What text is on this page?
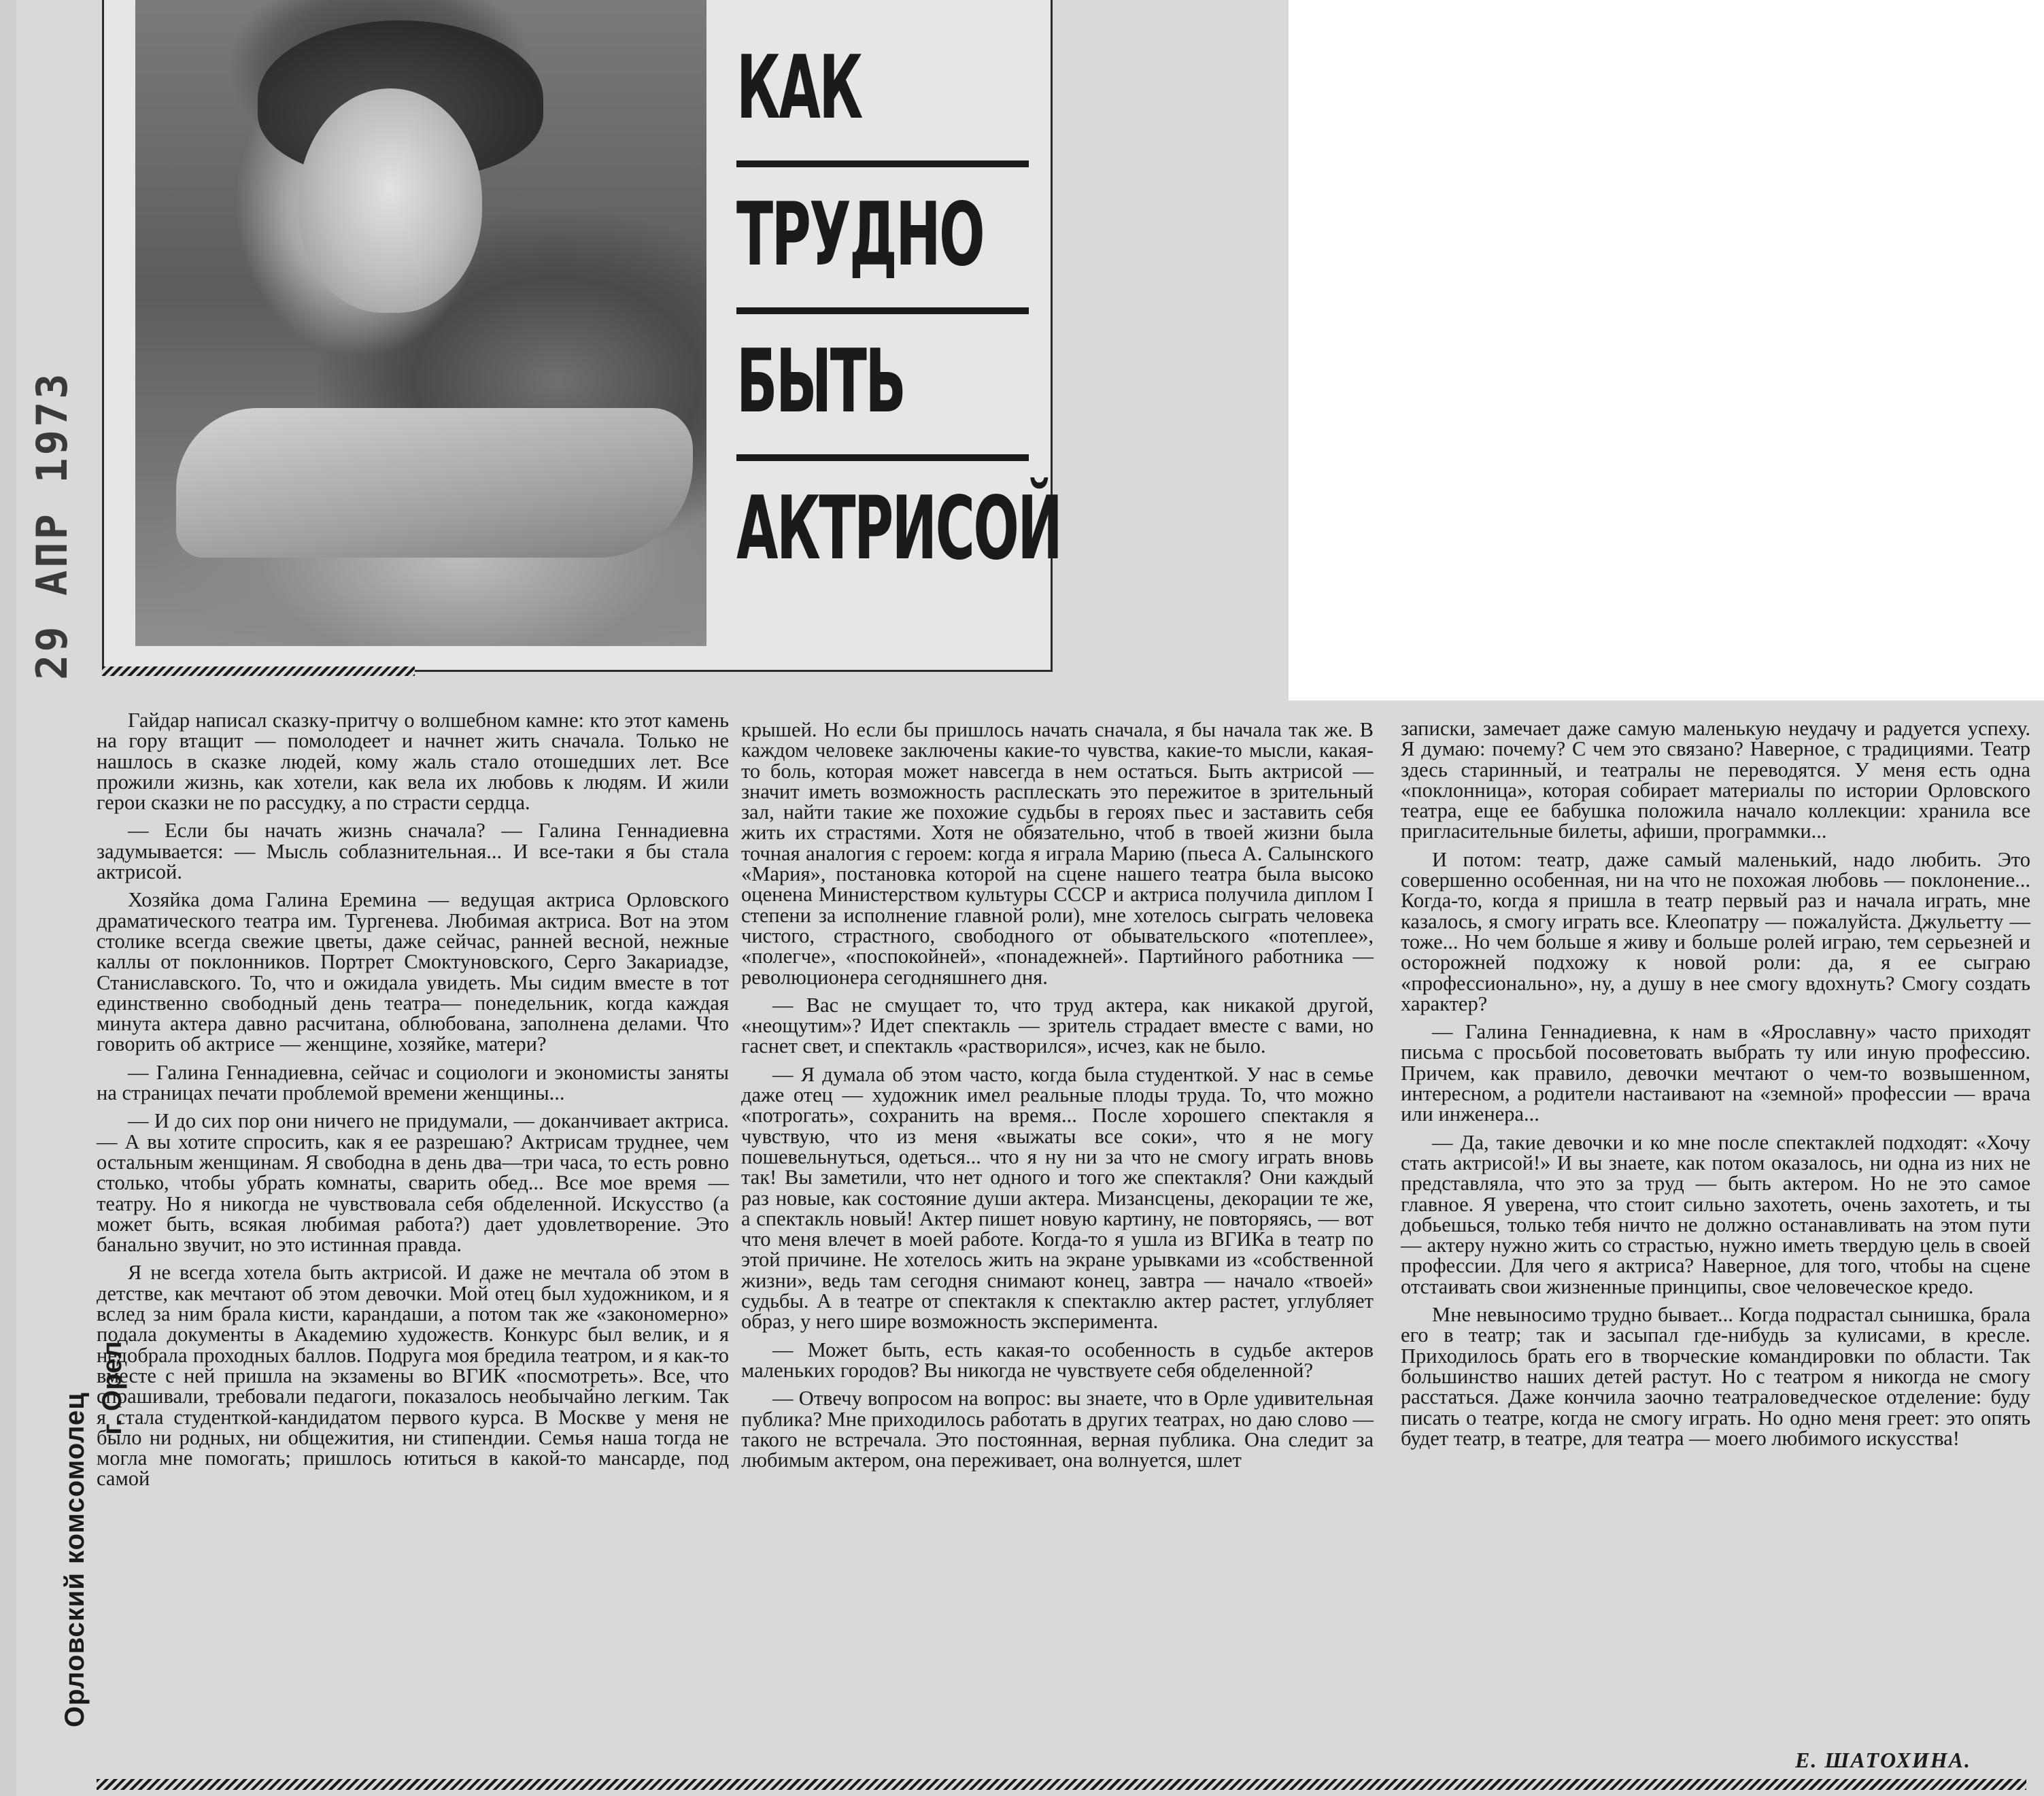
КАК
ТРУДНО
БЫТЬ
АКТРИСОЙ
29 АПР 1973
Орловский комсомолец
г. Орел

Гайдар написал сказку-притчу о волшебном камне: кто этот камень на гору втащит — помолодеет и начнет жить сначала. Только не нашлось в сказке людей, кому жаль стало отошедших лет. Все прожили жизнь, как хотели, как вела их любовь к людям. И жили герои сказки не по рассудку, а по страсти сердца.

— Если бы начать жизнь сначала? — Галина Геннадиевна задумывается: — Мысль соблазнительная... И все-таки я бы стала актрисой.

Хозяйка дома Галина Еремина — ведущая актриса Орловского драматического театра им. Тургенева. Любимая актриса. Вот на этом столике всегда свежие цветы, даже сейчас, ранней весной, нежные каллы от поклонников. Портрет Смоктуновского, Серго Закариадзе, Станиславского. То, что и ожидала увидеть. Мы сидим вместе в тот единственно свободный день театра— понедельник, когда каждая минута актера давно расчитана, облюбована, заполнена делами. Что говорить об актрисе — женщине, хозяйке, матери?

— Галина Геннадиевна, сейчас и социологи и экономисты заняты на страницах печати проблемой времени женщины...

— И до сих пор они ничего не придумали, — доканчивает актриса. — А вы хотите спросить, как я ее разрешаю? Актрисам труднее, чем остальным женщинам. Я свободна в день два—три часа, то есть ровно столько, чтобы убрать комнаты, сварить обед... Все мое время — театру. Но я никогда не чувствовала себя обделенной. Искусство (а может быть, всякая любимая работа?) дает удовлетворение. Это банально звучит, но это истинная правда.

Я не всегда хотела быть актрисой. И даже не мечтала об этом в детстве, как мечтают об этом девочки. Мой отец был художником, и я вслед за ним брала кисти, карандаши, а потом так же «закономерно» подала документы в Академию художеств. Конкурс был велик, и я недобрала проходных баллов. Подруга моя бредила театром, и я как-то вместе с ней пришла на экзамены во ВГИК «посмотреть». Все, что спрашивали, требовали педагоги, показалось необычайно легким. Так я стала студенткой-кандидатом первого курса. В Москве у меня не было ни родных, ни общежития, ни стипендии. Семья наша тогда не могла мне помогать; пришлось ютиться в какой-то мансарде, под самой

крышей. Но если бы пришлось начать сначала, я бы начала так же. В каждом человеке заключены какие-то чувства, какие-то мысли, какая-то боль, которая может навсегда в нем остаться. Быть актрисой — значит иметь возможность расплескать это пережитое в зрительный зал, найти такие же похожие судьбы в героях пьес и заставить себя жить их страстями. Хотя не обязательно, чтоб в твоей жизни была точная аналогия с героем: когда я играла Марию (пьеса А. Салынского «Мария», постановка которой на сцене нашего театра была высоко оценена Министерством культуры СССР и актриса получила диплом I степени за исполнение главной роли), мне хотелось сыграть человека чистого, страстного, свободного от обывательского «потеплее», «полегче», «поспокойней», «понадежней». Партийного работника — революционера сегодняшнего дня.

— Вас не смущает то, что труд актера, как никакой другой, «неощутим»? Идет спектакль — зритель страдает вместе с вами, но гаснет свет, и спектакль «растворился», исчез, как не было.

— Я думала об этом часто, когда была студенткой. У нас в семье даже отец — художник имел реальные плоды труда. То, что можно «потрогать», сохранить на время... После хорошего спектакля я чувствую, что из меня «выжаты все соки», что я не могу пошевельнуться, одеться... что я ну ни за что не смогу играть вновь так! Вы заметили, что нет одного и того же спектакля? Они каждый раз новые, как состояние души актера. Мизансцены, декорации те же, а спектакль новый! Актер пишет новую картину, не повторяясь, — вот что меня влечет в моей работе. Когда-то я ушла из ВГИКа в театр по этой причине. Не хотелось жить на экране урывками из «собственной жизни», ведь там сегодня снимают конец, завтра — начало «твоей» судьбы. А в театре от спектакля к спектаклю актер растет, углубляет образ, у него шире возможность эксперимента.

— Может быть, есть какая-то особенность в судьбе актеров маленьких городов? Вы никогда не чувствуете себя обделенной?

— Отвечу вопросом на вопрос: вы знаете, что в Орле удивительная публика? Мне приходилось работать в других театрах, но даю слово — такого не встречала. Это постоянная, верная публика. Она следит за любимым актером, она переживает, она волнуется, шлет

записки, замечает даже самую маленькую неудачу и радуется успеху. Я думаю: почему? С чем это связано? Наверное, с традициями. Театр здесь старинный, и театралы не переводятся. У меня есть одна «поклонница», которая собирает материалы по истории Орловского театра, еще ее бабушка положила начало коллекции: хранила все пригласительные билеты, афиши, программки...

И потом: театр, даже самый маленький, надо любить. Это совершенно особенная, ни на что не похожая любовь — поклонение... Когда-то, когда я пришла в театр первый раз и начала играть, мне казалось, я смогу играть все. Клеопатру — пожалуйста. Джульетту — тоже... Но чем больше я живу и больше ролей играю, тем серьезней и осторожней подхожу к новой роли: да, я ее сыграю «профессионально», ну, а душу в нее смогу вдохнуть? Смогу создать характер?

— Галина Геннадиевна, к нам в «Ярославну» часто приходят письма с просьбой посоветовать выбрать ту или иную профессию. Причем, как правило, девочки мечтают о чем-то возвышенном, интересном, а родители настаивают на «земной» профессии — врача или инженера...

— Да, такие девочки и ко мне после спектаклей подходят: «Хочу стать актрисой!» И вы знаете, как потом оказалось, ни одна из них не представляла, что это за труд — быть актером. Но не это самое главное. Я уверена, что стоит сильно захотеть, очень захотеть, и ты добьешься, только тебя ничто не должно останавливать на этом пути — актеру нужно жить со страстью, нужно иметь твердую цель в своей профессии. Для чего я актриса? Наверное, для того, чтобы на сцене отстаивать свои жизненные принципы, свое человеческое кредо.

Мне невыносимо трудно бывает... Когда подрастал сынишка, брала его в театр; так и засыпал где-нибудь за кулисами, в кресле. Приходилось брать его в творческие командировки по области. Так большинство наших детей растут. Но с театром я никогда не смогу расстаться. Даже кончила заочно театраловедческое отделение: буду писать о театре, когда не смогу играть. Но одно меня греет: это опять будет театр, в театре, для театра — моего любимого искусства!

Е. ШАТОХИНА.
